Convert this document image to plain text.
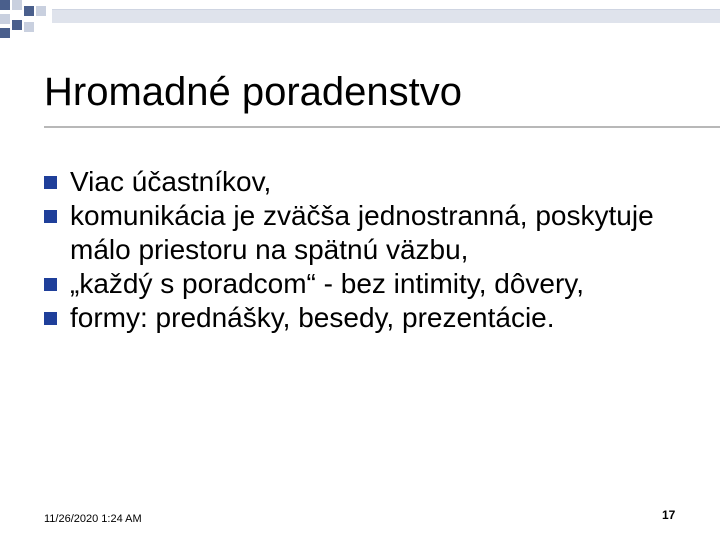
Hromadné poradenstvo
Viac účastníkov,
komunikácia je zväčša jednostranná, poskytuje málo priestoru na spätnú väzbu,
„každý s poradcom“ - bez intimity, dôvery,
formy: prednášky, besedy, prezentácie.
11/26/2020 1:24 AM	17
